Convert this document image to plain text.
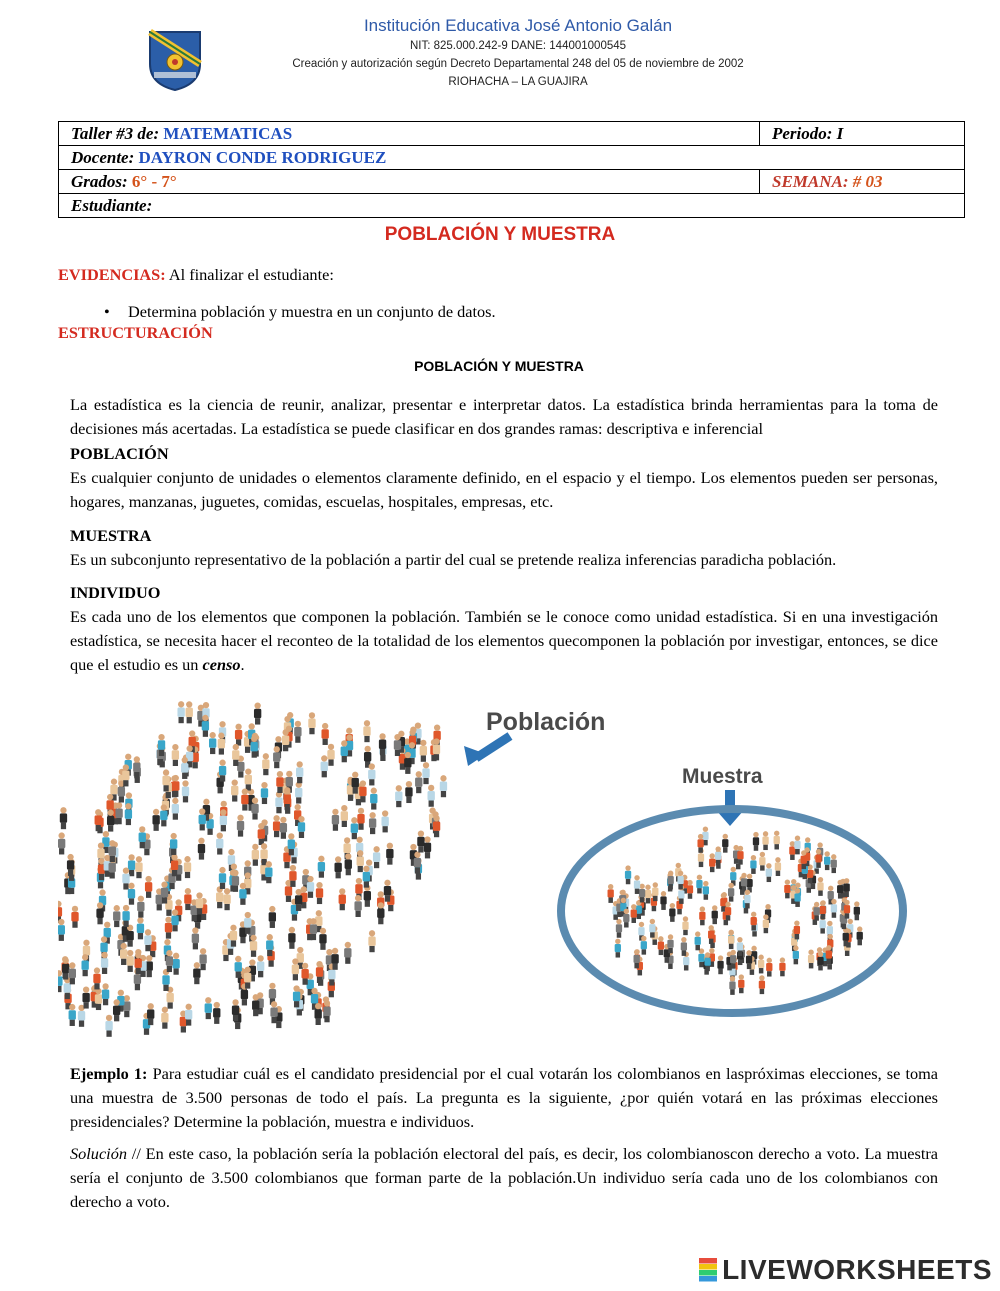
Institución Educativa José Antonio Galán
NIT: 825.000.242-9 DANE: 144001000545
Creación y autorización según Decreto Departamental 248 del 05 de noviembre de 2002
RIOHACHA – LA GUAJIRA
Taller #3 de: MATEMATICAS	Periodo: I
Docente: DAYRON CONDE RODRIGUEZ	
Grados: 6° - 7°	SEMANA: # 03
Estudiante:	
POBLACIÓN Y MUESTRA
EVIDENCIAS: Al finalizar el estudiante:
• Determina población y muestra en un conjunto de datos.
ESTRUCTURACIÓN
POBLACIÓN Y MUESTRA
La estadística es la ciencia de reunir, analizar, presentar e interpretar datos. La estadística brinda herramientas para la toma de decisiones más acertadas. La estadística se puede clasificar en dos grandes ramas: descriptiva e inferencial
POBLACIÓN
Es cualquier conjunto de unidades o elementos claramente definido, en el espacio y el tiempo. Los elementos pueden ser personas, hogares, manzanas, juguetes, comidas, escuelas, hospitales, empresas, etc.
MUESTRA
Es un subconjunto representativo de la población a partir del cual se pretende realiza inferencias paradicha población.
INDIVIDUO
Es cada uno de los elementos que componen la población. También se le conoce como unidad estadística. Si en una investigación estadística, se necesita hacer el reconteo de la totalidad de los elementos quecomponen la población por investigar, entonces, se dice que el estudio es un censo.
Población
Muestra
Ejemplo 1: Para estudiar cuál es el candidato presidencial por el cual votarán los colombianos en laspróximas elecciones, se toma una muestra de 3.500 personas de todo el país. La pregunta es la siguiente, ¿por quién votará en las próximas elecciones presidenciales? Determine la población, muestra e individuos.
Solución // En este caso, la población sería la población electoral del país, es decir, los colombianoscon derecho a voto. La muestra sería el conjunto de 3.500 colombianos que forman parte de la población.Un individuo sería cada uno de los colombianos con derecho a voto.
LIVEWORKSHEETS
